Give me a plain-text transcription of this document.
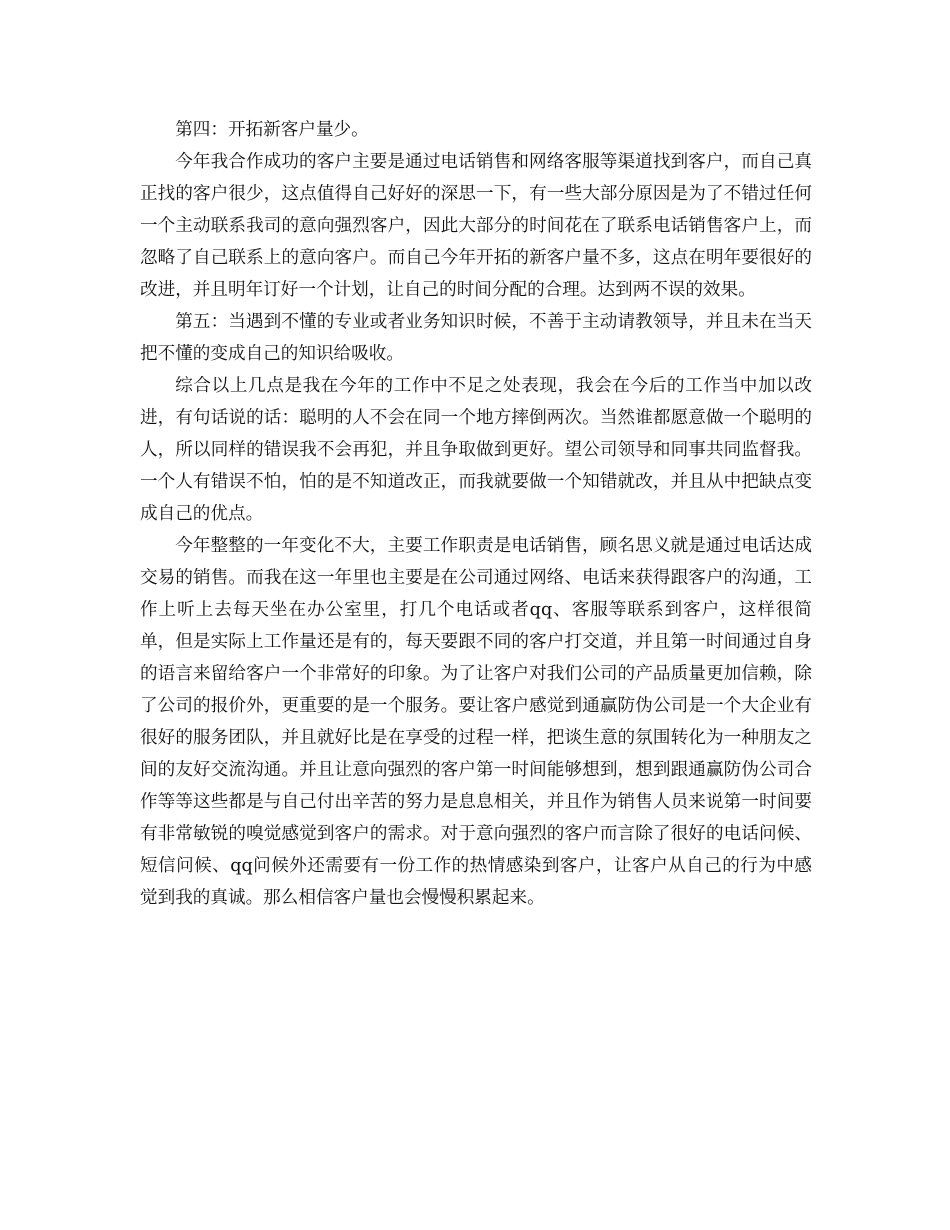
第四：开拓新客户量少。

今年我合作成功的客户主要是通过电话销售和网络客服等渠道找到客户，而自己真正找的客户很少，这点值得自己好好的深思一下，有一些大部分原因是为了不错过任何一个主动联系我司的意向强烈客户，因此大部分的时间花在了联系电话销售客户上，而忽略了自己联系上的意向客户。而自己今年开拓的新客户量不多，这点在明年要很好的改进，并且明年订好一个计划，让自己的时间分配的合理。达到两不误的效果。

第五：当遇到不懂的专业或者业务知识时候，不善于主动请教领导，并且未在当天把不懂的变成自己的知识给吸收。

综合以上几点是我在今年的工作中不足之处表现，我会在今后的工作当中加以改进，有句话说的话：聪明的人不会在同一个地方摔倒两次。当然谁都愿意做一个聪明的人，所以同样的错误我不会再犯，并且争取做到更好。望公司领导和同事共同监督我。一个人有错误不怕，怕的是不知道改正，而我就要做一个知错就改，并且从中把缺点变成自己的优点。

今年整整的一年变化不大，主要工作职责是电话销售，顾名思义就是通过电话达成交易的销售。而我在这一年里也主要是在公司通过网络、电话来获得跟客户的沟通，工作上听上去每天坐在办公室里，打几个电话或者qq、客服等联系到客户，这样很简单，但是实际上工作量还是有的，每天要跟不同的客户打交道，并且第一时间通过自身的语言来留给客户一个非常好的印象。为了让客户对我们公司的产品质量更加信赖，除了公司的报价外，更重要的是一个服务。要让客户感觉到通赢防伪公司是一个大企业有很好的服务团队，并且就好比是在享受的过程一样，把谈生意的氛围转化为一种朋友之间的友好交流沟通。并且让意向强烈的客户第一时间能够想到，想到跟通赢防伪公司合作等等这些都是与自己付出辛苦的努力是息息相关，并且作为销售人员来说第一时间要有非常敏锐的嗅觉感觉到客户的需求。对于意向强烈的客户而言除了很好的电话问候、短信问候、qq问候外还需要有一份工作的热情感染到客户，让客户从自己的行为中感觉到我的真诚。那么相信客户量也会慢慢积累起来。
